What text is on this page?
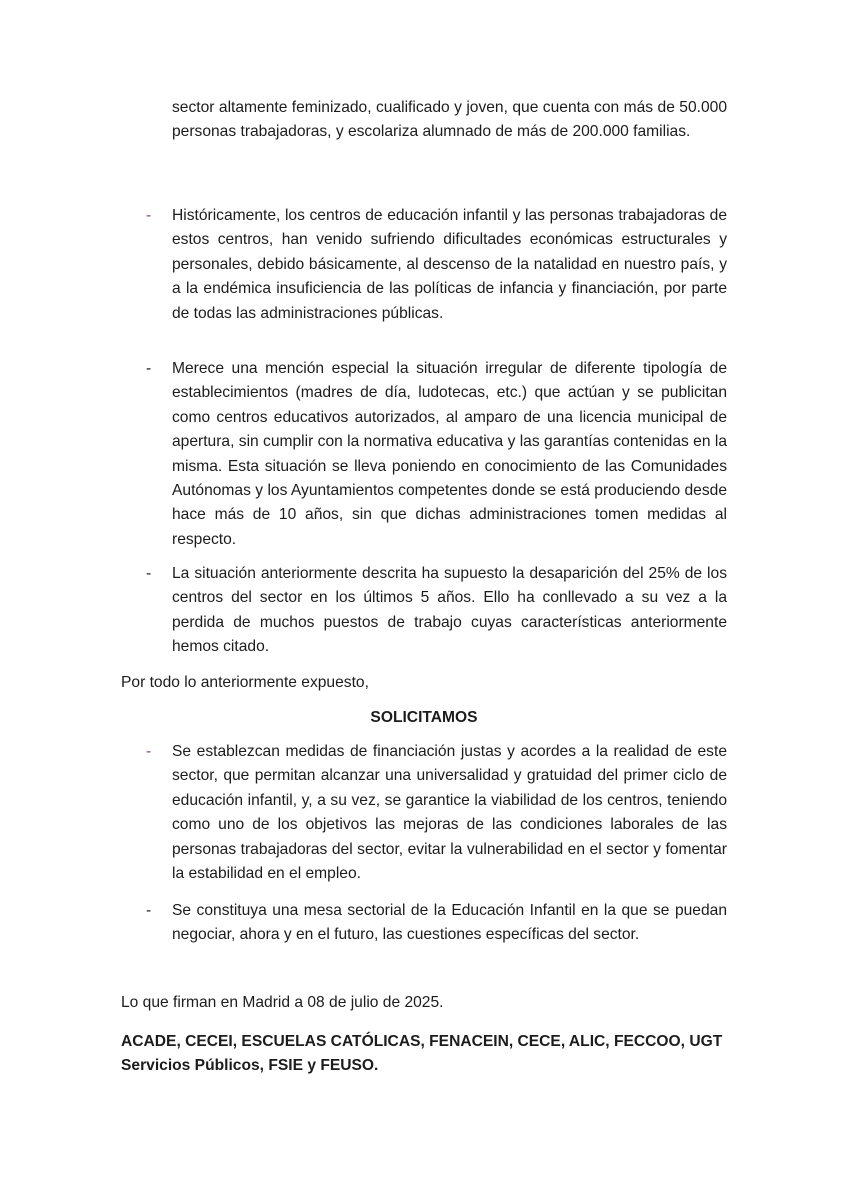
sector altamente feminizado, cualificado y joven, que cuenta con más de 50.000 personas trabajadoras, y escolariza alumnado de más de 200.000 familias.

- Históricamente, los centros de educación infantil y las personas trabajadoras de estos centros, han venido sufriendo dificultades económicas estructurales y personales, debido básicamente, al descenso de la natalidad en nuestro país, y a la endémica insuficiencia de las políticas de infancia y financiación, por parte de todas las administraciones públicas.

- Merece una mención especial la situación irregular de diferente tipología de establecimientos (madres de día, ludotecas, etc.) que actúan y se publicitan como centros educativos autorizados, al amparo de una licencia municipal de apertura, sin cumplir con la normativa educativa y las garantías contenidas en la misma. Esta situación se lleva poniendo en conocimiento de las Comunidades Autónomas y los Ayuntamientos competentes donde se está produciendo desde hace más de 10 años, sin que dichas administraciones tomen medidas al respecto.

- La situación anteriormente descrita ha supuesto la desaparición del 25% de los centros del sector en los últimos 5 años. Ello ha conllevado a su vez a la perdida de muchos puestos de trabajo cuyas características anteriormente hemos citado.

Por todo lo anteriormente expuesto,

SOLICITAMOS
- Se establezcan medidas de financiación justas y acordes a la realidad de este sector, que permitan alcanzar una universalidad y gratuidad del primer ciclo de educación infantil, y, a su vez, se garantice la viabilidad de los centros, teniendo como uno de los objetivos las mejoras de las condiciones laborales de las personas trabajadoras del sector, evitar la vulnerabilidad en el sector y fomentar la estabilidad en el empleo.

- Se constituya una mesa sectorial de la Educación Infantil en la que se puedan negociar, ahora y en el futuro, las cuestiones específicas del sector.

Lo que firman en Madrid a 08 de julio de 2025.

ACADE, CECEI, ESCUELAS CATÓLICAS, FENACEIN, CECE, ALIC, FECCOO, UGT Servicios Públicos, FSIE y FEUSO.
